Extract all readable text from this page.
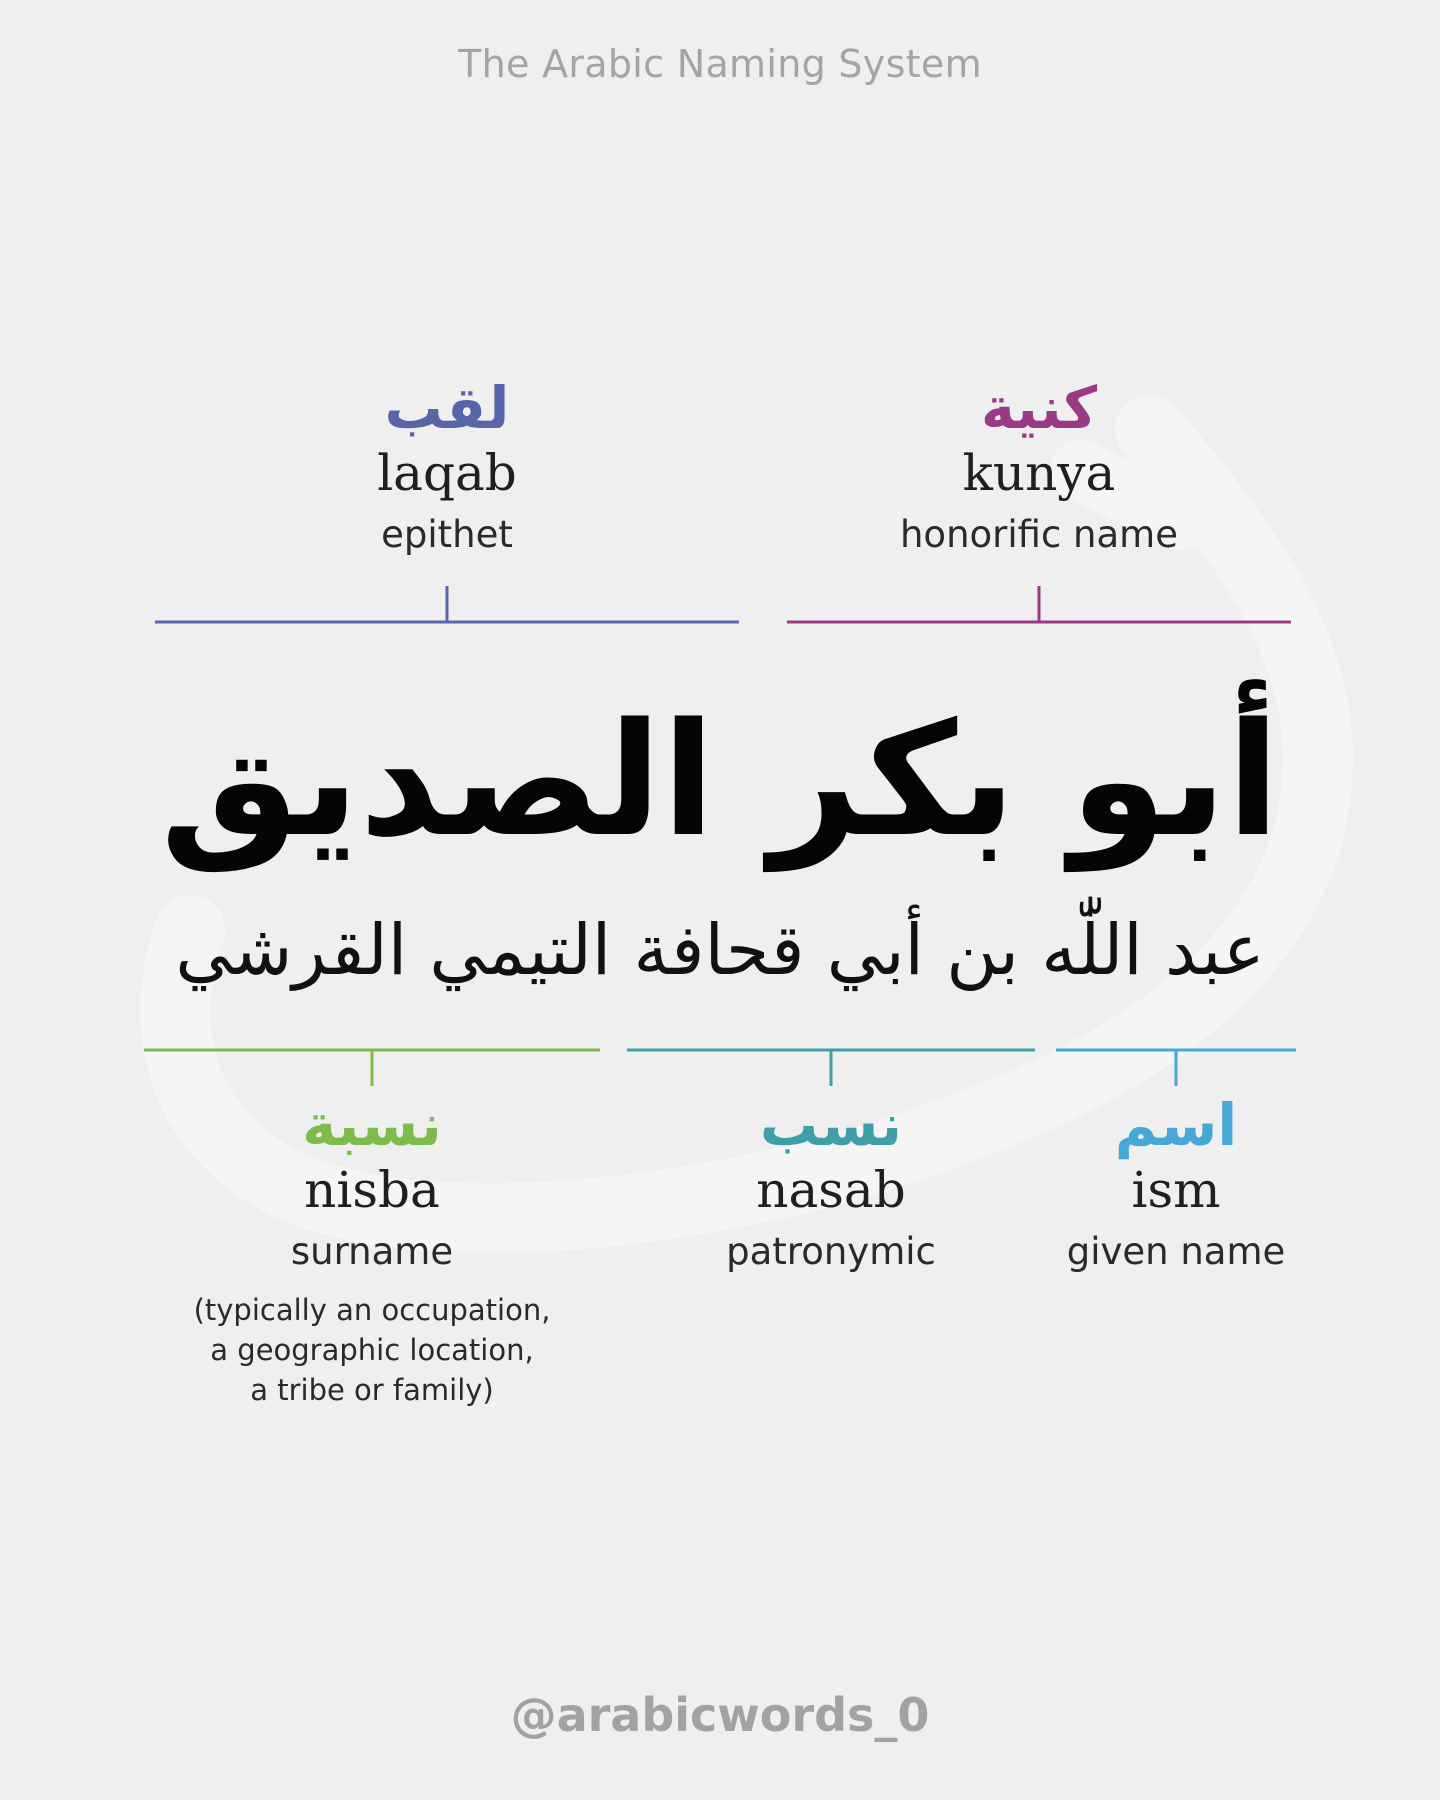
The Arabic Naming System
لقب
laqab
epithet
كنية
kunya
honorific name
أبو بكر الصديق
عبد اللّٰه بن أبي قحافة التيمي القرشي
نسبة
nisba
surname
(typically an occupation,
a geographic location,
a tribe or family)
نسب
nasab
patronymic
اسم
ism
given name
@arabicwords_0
